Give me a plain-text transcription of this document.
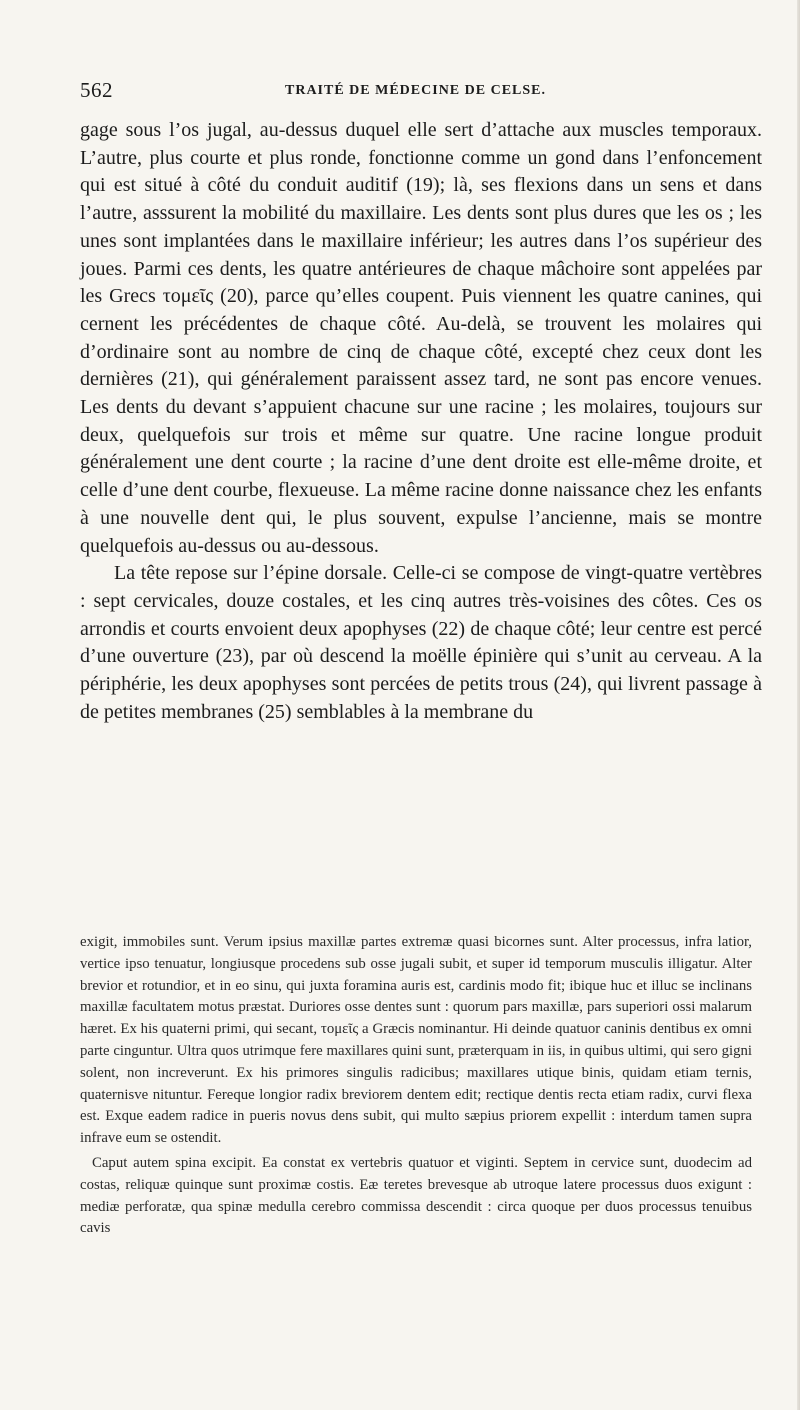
562	TRAITÉ DE MÉDECINE DE CELSE.

gage sous l’os jugal, au-dessus duquel elle sert d’attache aux muscles temporaux. L’autre, plus courte et plus ronde, fonctionne comme un gond dans l’enfoncement qui est situé à côté du conduit auditif (19); là, ses flexions dans un sens et dans l’autre, asssurent la mobilité du maxillaire. Les dents sont plus dures que les os ; les unes sont implantées dans le maxillaire inférieur; les autres dans l’os supérieur des joues. Parmi ces dents, les quatre antérieures de chaque mâchoire sont appelées par les Grecs τομεῖς (20), parce qu’elles coupent. Puis viennent les quatre canines, qui cernent les précédentes de chaque côté. Au-delà, se trouvent les molaires qui d’ordinaire sont au nombre de cinq de chaque côté, excepté chez ceux dont les dernières (21), qui généralement paraissent assez tard, ne sont pas encore venues. Les dents du devant s’appuient chacune sur une racine ; les molaires, toujours sur deux, quelquefois sur trois et même sur quatre. Une racine longue produit généralement une dent courte ; la racine d’une dent droite est elle-même droite, et celle d’une dent courbe, flexueuse. La même racine donne naissance chez les enfants à une nouvelle dent qui, le plus souvent, expulse l’ancienne, mais se montre quelquefois au-dessus ou au-dessous.

La tête repose sur l’épine dorsale. Celle-ci se compose de vingt-quatre vertèbres : sept cervicales, douze costales, et les cinq autres très-voisines des côtes. Ces os arrondis et courts envoient deux apophyses (22) de chaque côté; leur centre est percé d’une ouverture (23), par où descend la moëlle épinière qui s’unit au cerveau. A la périphérie, les deux apophyses sont percées de petits trous (24), qui livrent passage à de petites membranes (25) semblables à la membrane du

exigit, immobiles sunt. Verum ipsius maxillæ partes extremæ quasi bicornes sunt. Alter processus, infra latior, vertice ipso tenuatur, longiusque procedens sub osse jugali subit, et super id temporum musculis illigatur. Alter brevior et rotundior, et in eo sinu, qui juxta foramina auris est, cardinis modo fit; ibique huc et illuc se inclinans maxillæ facultatem motus præstat. Duriores osse dentes sunt : quorum pars maxillæ, pars superiori ossi malarum hæret. Ex his quaterni primi, qui secant, τομεῖς a Græcis nominantur. Hi deinde quatuor caninis dentibus ex omni parte cinguntur. Ultra quos utrimque fere maxillares quini sunt, præterquam in iis, in quibus ultimi, qui sero gigni solent, non increverunt. Ex his primores singulis radicibus; maxillares utique binis, quidam etiam ternis, quaternisve nituntur. Fereque longior radix breviorem dentem edit; rectique dentis recta etiam radix, curvi flexa est. Exque eadem radice in pueris novus dens subit, qui multo sæpius priorem expellit : interdum tamen supra infrave eum se ostendit.

Caput autem spina excipit. Ea constat ex vertebris quatuor et viginti. Septem in cervice sunt, duodecim ad costas, reliquæ quinque sunt proximæ costis. Eæ teretes brevesque ab utroque latere processus duos exigunt : mediæ perforatæ, qua spinæ medulla cerebro commissa descendit : circa quoque per duos processus tenuibus cavis
